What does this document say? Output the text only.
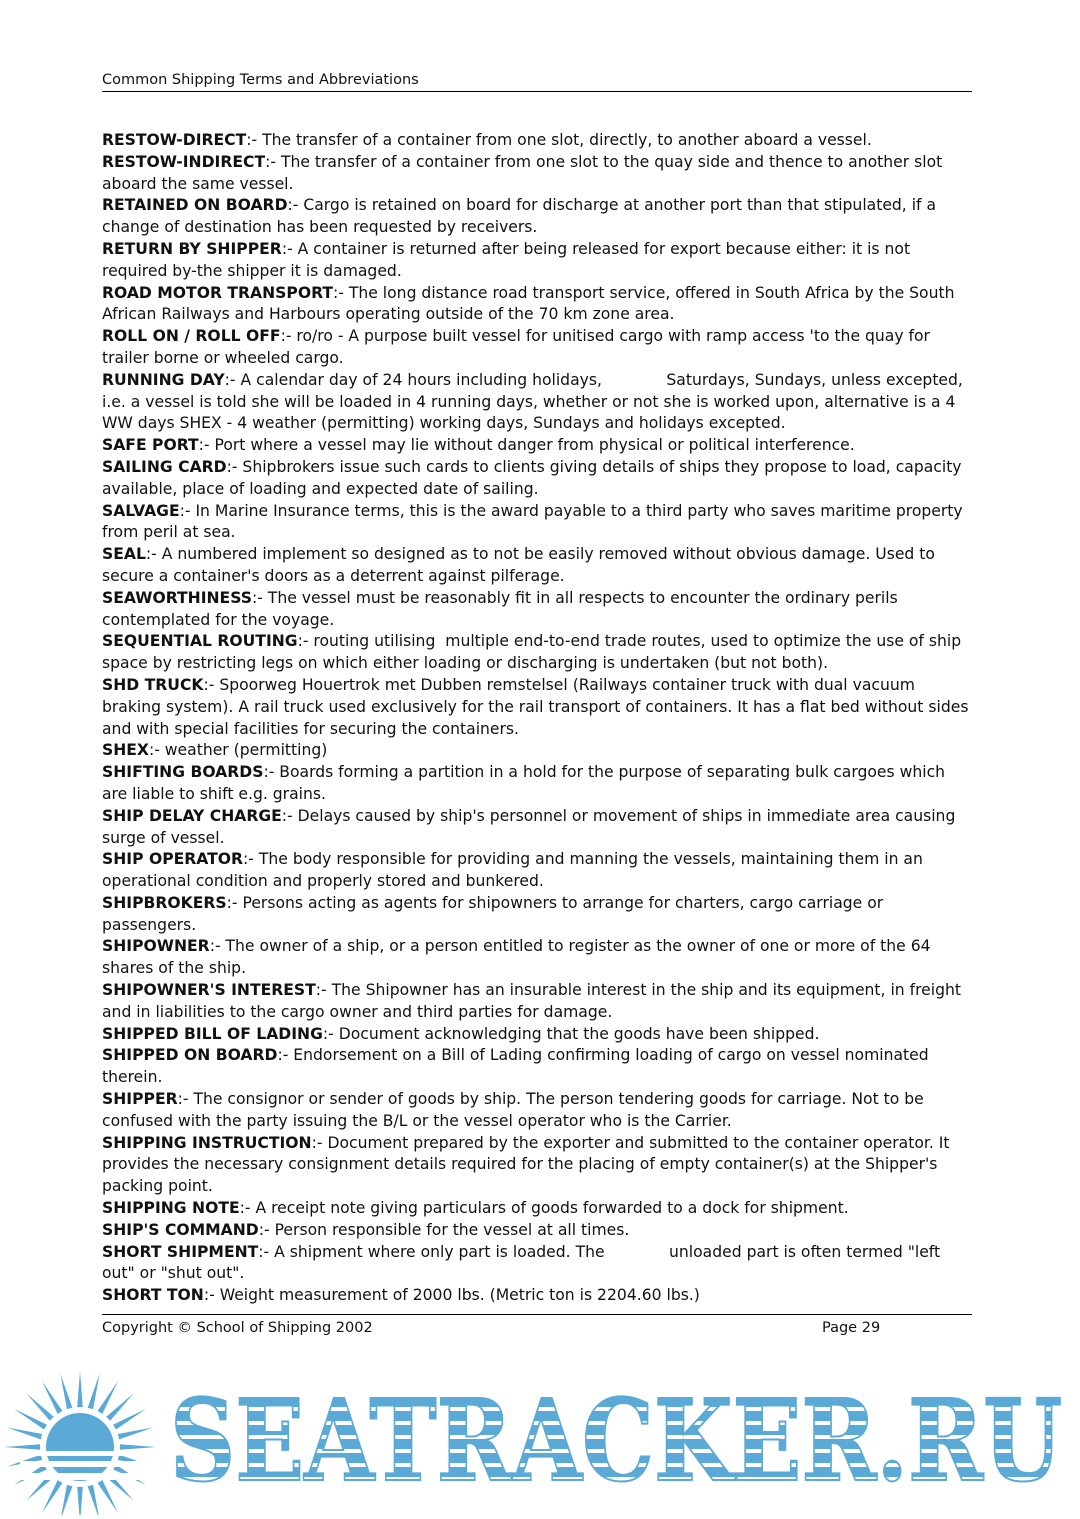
Common Shipping Terms and Abbreviations

RESTOW-DIRECT:- The transfer of a container from one slot, directly, to another aboard a vessel.

RESTOW-INDIRECT:- The transfer of a container from one slot to the quay side and thence to another slot aboard the same vessel.

RETAINED ON BOARD:- Cargo is retained on board for discharge at another port than that stipulated, if a change of destination has been requested by receivers.

RETURN BY SHIPPER:- A container is returned after being released for export because either: it is not required by-the shipper it is damaged.

ROAD MOTOR TRANSPORT:- The long distance road transport service, offered in South Africa by the South African Railways and Harbours operating outside of the 70 km zone area.

ROLL ON / ROLL OFF:- ro/ro - A purpose built vessel for unitised cargo with ramp access 'to the quay for trailer borne or wheeled cargo.

RUNNING DAY:- A calendar day of 24 hours including holidays,             Saturdays, Sundays, unless excepted, i.e. a vessel is told she will be loaded in 4 running days, whether or not she is worked upon, alternative is a 4 WW days SHEX - 4 weather (permitting) working days, Sundays and holidays excepted.

SAFE PORT:- Port where a vessel may lie without danger from physical or political interference.

SAILING CARD:- Shipbrokers issue such cards to clients giving details of ships they propose to load, capacity available, place of loading and expected date of sailing.

SALVAGE:- In Marine Insurance terms, this is the award payable to a third party who saves maritime property from peril at sea.

SEAL:- A numbered implement so designed as to not be easily removed without obvious damage. Used to secure a container's doors as a deterrent against pilferage.

SEAWORTHINESS:- The vessel must be reasonably fit in all respects to encounter the ordinary perils contemplated for the voyage.

SEQUENTIAL ROUTING:- routing utilising  multiple end-to-end trade routes, used to optimize the use of ship space by restricting legs on which either loading or discharging is undertaken (but not both).

SHD TRUCK:- Spoorweg Houertrok met Dubben remstelsel (Railways container truck with dual vacuum braking system). A rail truck used exclusively for the rail transport of containers. It has a flat bed without sides and with special facilities for securing the containers.

SHEX:- weather (permitting)

SHIFTING BOARDS:- Boards forming a partition in a hold for the purpose of separating bulk cargoes which are liable to shift e.g. grains.

SHIP DELAY CHARGE:- Delays caused by ship's personnel or movement of ships in immediate area causing surge of vessel.

SHIP OPERATOR:- The body responsible for providing and manning the vessels, maintaining them in an operational condition and properly stored and bunkered.

SHIPBROKERS:- Persons acting as agents for shipowners to arrange for charters, cargo carriage or passengers.

SHIPOWNER:- The owner of a ship, or a person entitled to register as the owner of one or more of the 64 shares of the ship.

SHIPOWNER'S INTEREST:- The Shipowner has an insurable interest in the ship and its equipment, in freight and in liabilities to the cargo owner and third parties for damage.

SHIPPED BILL OF LADING:- Document acknowledging that the goods have been shipped.

SHIPPED ON BOARD:- Endorsement on a Bill of Lading confirming loading of cargo on vessel nominated therein.

SHIPPER:- The consignor or sender of goods by ship. The person tendering goods for carriage. Not to be confused with the party issuing the B/L or the vessel operator who is the Carrier.

SHIPPING INSTRUCTION:- Document prepared by the exporter and submitted to the container operator. It provides the necessary consignment details required for the placing of empty container(s) at the Shipper's packing point.

SHIPPING NOTE:- A receipt note giving particulars of goods forwarded to a dock for shipment.

SHIP'S COMMAND:- Person responsible for the vessel at all times.

SHORT SHIPMENT:- A shipment where only part is loaded. The             unloaded part is often termed "left out" or "shut out".

SHORT TON:- Weight measurement of 2000 lbs. (Metric ton is 2204.60 lbs.)

Copyright © School of Shipping 2002	Page 29
SEATRACKER.RU
